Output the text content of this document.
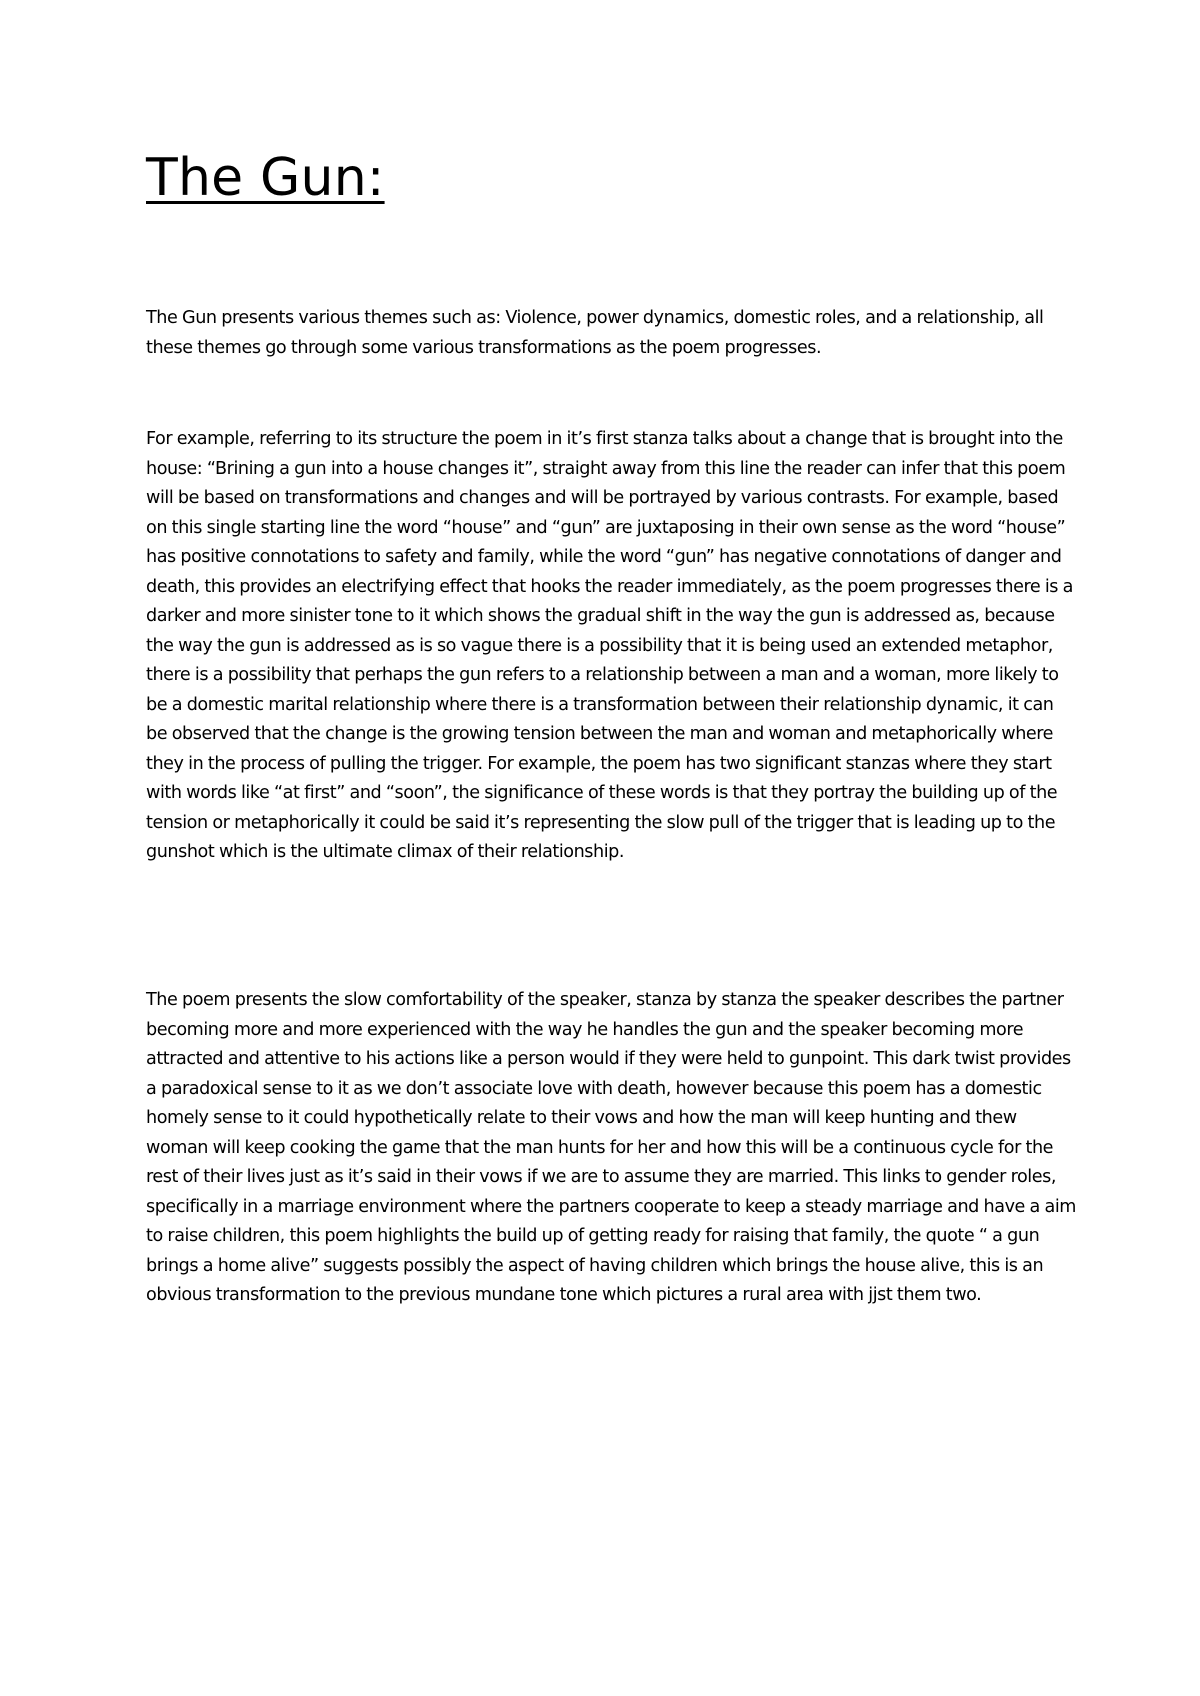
The Gun:

The Gun presents various themes such as: Violence, power dynamics, domestic roles, and a relationship, all these themes go through some various transformations as the poem progresses.

For example, referring to its structure the poem in it’s first stanza talks about a change that is brought into the house: “Brining a gun into a house changes it”, straight away from this line the reader can infer that this poem will be based on transformations and changes and will be portrayed by various contrasts. For example, based on this single starting line the word “house” and “gun” are juxtaposing in their own sense as the word “house” has positive connotations to safety and family, while the word “gun” has negative connotations of danger and death, this provides an electrifying effect that hooks the reader immediately, as the poem progresses there is a darker and more sinister tone to it which shows the gradual shift in the way the gun is addressed as, because the way the gun is addressed as is so vague there is a possibility that it is being used an extended metaphor, there is a possibility that perhaps the gun refers to a relationship between a man and a woman, more likely to be a domestic marital relationship where there is a transformation between their relationship dynamic, it can be observed that the change is the growing tension between the man and woman and metaphorically where they in the process of pulling the trigger. For example, the poem has two significant stanzas where they start with words like “at first” and “soon”, the significance of these words is that they portray the building up of the tension or metaphorically it could be said it’s representing the slow pull of the trigger that is leading up to the gunshot which is the ultimate climax of their relationship.

The poem presents the slow comfortability of the speaker, stanza by stanza the speaker describes the partner becoming more and more experienced with the way he handles the gun and the speaker becoming more attracted and attentive to his actions like a person would if they were held to gunpoint. This dark twist provides a paradoxical sense to it as we don’t associate love with death, however because this poem has a domestic homely sense to it could hypothetically relate to their vows and how the man will keep hunting and thew woman will keep cooking the game that the man hunts for her and how this will be a continuous cycle for the rest of their lives just as it’s said in their vows if we are to assume they are married. This links to gender roles, specifically in a marriage environment where the partners cooperate to keep a steady marriage and have a aim to raise children, this poem highlights the build up of getting ready for raising that family, the quote “ a gun brings a home alive” suggests possibly the aspect of having children which brings the house alive, this is an obvious transformation to the previous mundane tone which pictures a rural area with jjst them two.
